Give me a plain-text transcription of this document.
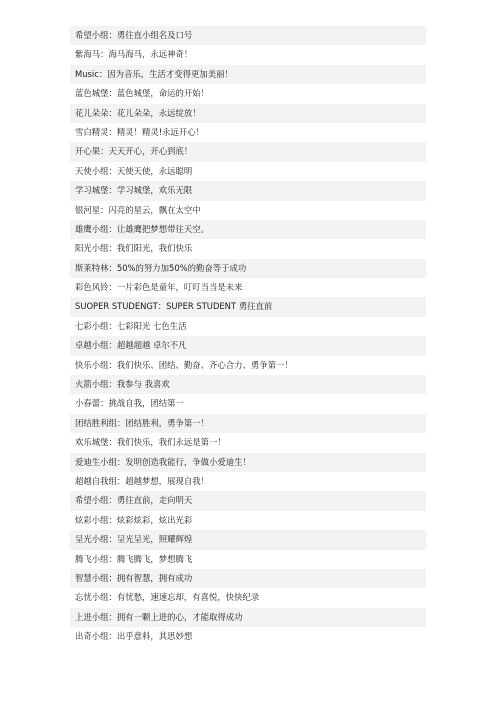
希望小组：勇往直小组名及口号
紫海马：海马海马，永远神奇！
Music：因为音乐，生活才变得更加美丽！
蓝色城堡：蓝色城堡，命运的开始！
花儿朵朵：花儿朵朵，永远绽放！
雪白精灵：精灵！精灵!永远开心！
开心果：天天开心，开心到底！
天使小组：天使天使，永远聪明
学习城堡：学习城堡，欢乐无限
银河星：闪亮的星云，飘在太空中
雄鹰小组：让雄鹰把梦想带往天空。
阳光小组：我们阳光，我们快乐
斯莱特林：50%的努力加50%的勤奋等于成功
彩色风铃：一片彩色是童年，叮叮当当是未来
SUOPER STUDENGT：SUPER STUDENT 勇往直前
七彩小组：七彩阳光 七色生活
卓越小组：超越超越 卓尔不凡
快乐小组：我们快乐、团结、勤奋、齐心合力、勇争第一！
火箭小组：我参与 我喜欢
小春蕾：挑战自我，团结第一
团结胜利组：团结胜利，勇争第一！
欢乐城堡：我们快乐，我们永远是第一！
爱迪生小组：发明创造我能行，争做小爱迪生！
超越自我组：超越梦想，展现自我！
希望小组：勇往直前，走向明天
炫彩小组：炫彩炫彩，炫出光彩
呈光小组：呈光呈光，照耀辉煌
腾飞小组：腾飞腾飞，梦想腾飞
智慧小组：拥有智慧，拥有成功
忘忧小组：有忧愁，速速忘却，有喜悦，快快纪录
上进小组：拥有一颗上进的心，才能取得成功
出奇小组：出乎意料，其思妙想
